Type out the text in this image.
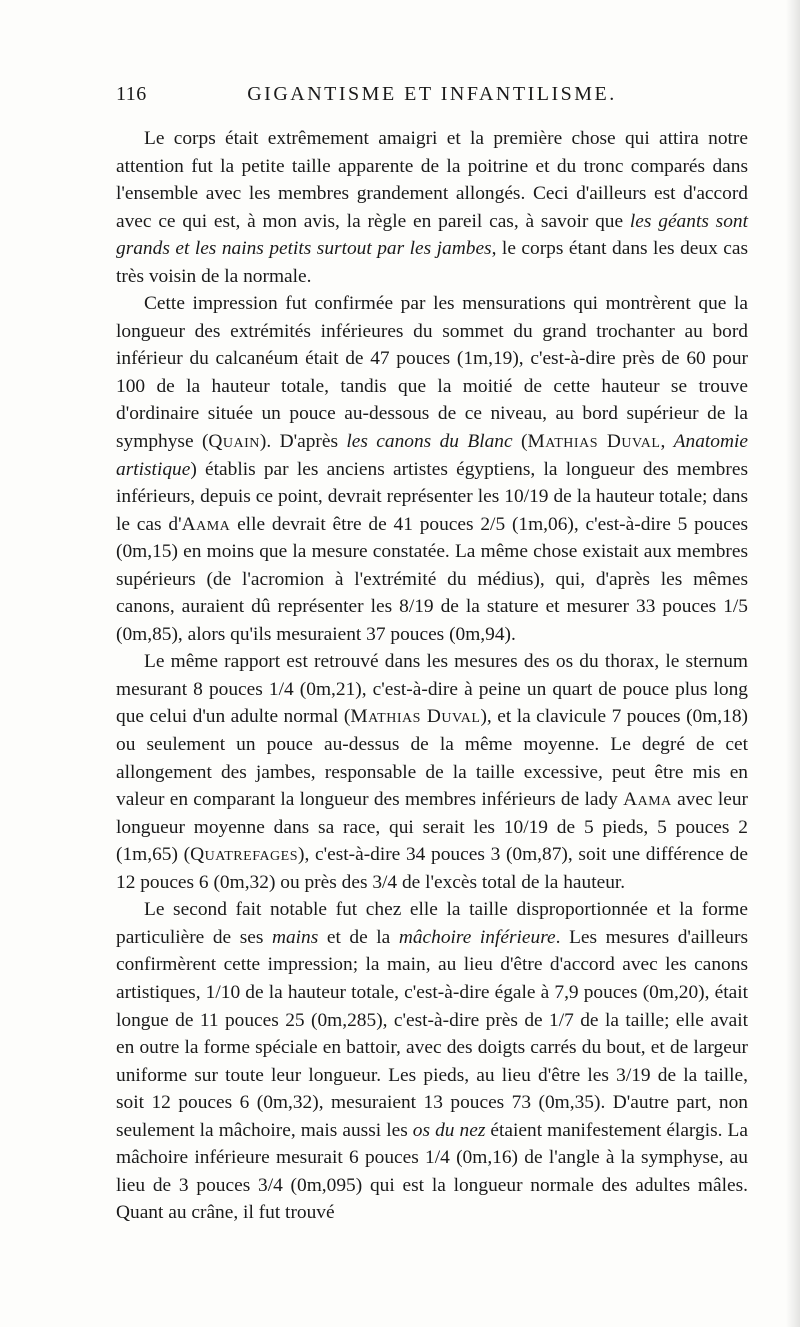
116	GIGANTISME ET INFANTILISME.

Le corps était extrêmement amaigri et la première chose qui attira notre attention fut la petite taille apparente de la poitrine et du tronc comparés dans l'ensemble avec les membres grandement allongés. Ceci d'ailleurs est d'accord avec ce qui est, à mon avis, la règle en pareil cas, à savoir que les géants sont grands et les nains petits surtout par les jambes, le corps étant dans les deux cas très voisin de la normale.

Cette impression fut confirmée par les mensurations qui montrèrent que la longueur des extrémités inférieures du sommet du grand trochanter au bord inférieur du calcanéum était de 47 pouces (1m,19), c'est-à-dire près de 60 pour 100 de la hauteur totale, tandis que la moitié de cette hauteur se trouve d'ordinaire située un pouce au-dessous de ce niveau, au bord supérieur de la symphyse (Quain). D'après les canons du Blanc (Mathias Duval, Anatomie artistique) établis par les anciens artistes égyptiens, la longueur des membres inférieurs, depuis ce point, devrait représenter les 10/19 de la hauteur totale; dans le cas d'Aama elle devrait être de 41 pouces 2/5 (1m,06), c'est-à-dire 5 pouces (0m,15) en moins que la mesure constatée. La même chose existait aux membres supérieurs (de l'acromion à l'extrémité du médius), qui, d'après les mêmes canons, auraient dû représenter les 8/19 de la stature et mesurer 33 pouces 1/5 (0m,85), alors qu'ils mesuraient 37 pouces (0m,94).

Le même rapport est retrouvé dans les mesures des os du thorax, le sternum mesurant 8 pouces 1/4 (0m,21), c'est-à-dire à peine un quart de pouce plus long que celui d'un adulte normal (Mathias Duval), et la clavicule 7 pouces (0m,18) ou seulement un pouce au-dessus de la même moyenne. Le degré de cet allongement des jambes, responsable de la taille excessive, peut être mis en valeur en comparant la longueur des membres inférieurs de lady Aama avec leur longueur moyenne dans sa race, qui serait les 10/19 de 5 pieds, 5 pouces 2 (1m,65) (Quatrefages), c'est-à-dire 34 pouces 3 (0m,87), soit une différence de 12 pouces 6 (0m,32) ou près des 3/4 de l'excès total de la hauteur.

Le second fait notable fut chez elle la taille disproportionnée et la forme particulière de ses mains et de la mâchoire inférieure. Les mesures d'ailleurs confirmèrent cette impression; la main, au lieu d'être d'accord avec les canons artistiques, 1/10 de la hauteur totale, c'est-à-dire égale à 7,9 pouces (0m,20), était longue de 11 pouces 25 (0m,285), c'est-à-dire près de 1/7 de la taille; elle avait en outre la forme spéciale en battoir, avec des doigts carrés du bout, et de largeur uniforme sur toute leur longueur. Les pieds, au lieu d'être les 3/19 de la taille, soit 12 pouces 6 (0m,32), mesuraient 13 pouces 73 (0m,35). D'autre part, non seulement la mâchoire, mais aussi les os du nez étaient manifestement élargis. La mâchoire inférieure mesurait 6 pouces 1/4 (0m,16) de l'angle à la symphyse, au lieu de 3 pouces 3/4 (0m,095) qui est la longueur normale des adultes mâles. Quant au crâne, il fut trouvé
